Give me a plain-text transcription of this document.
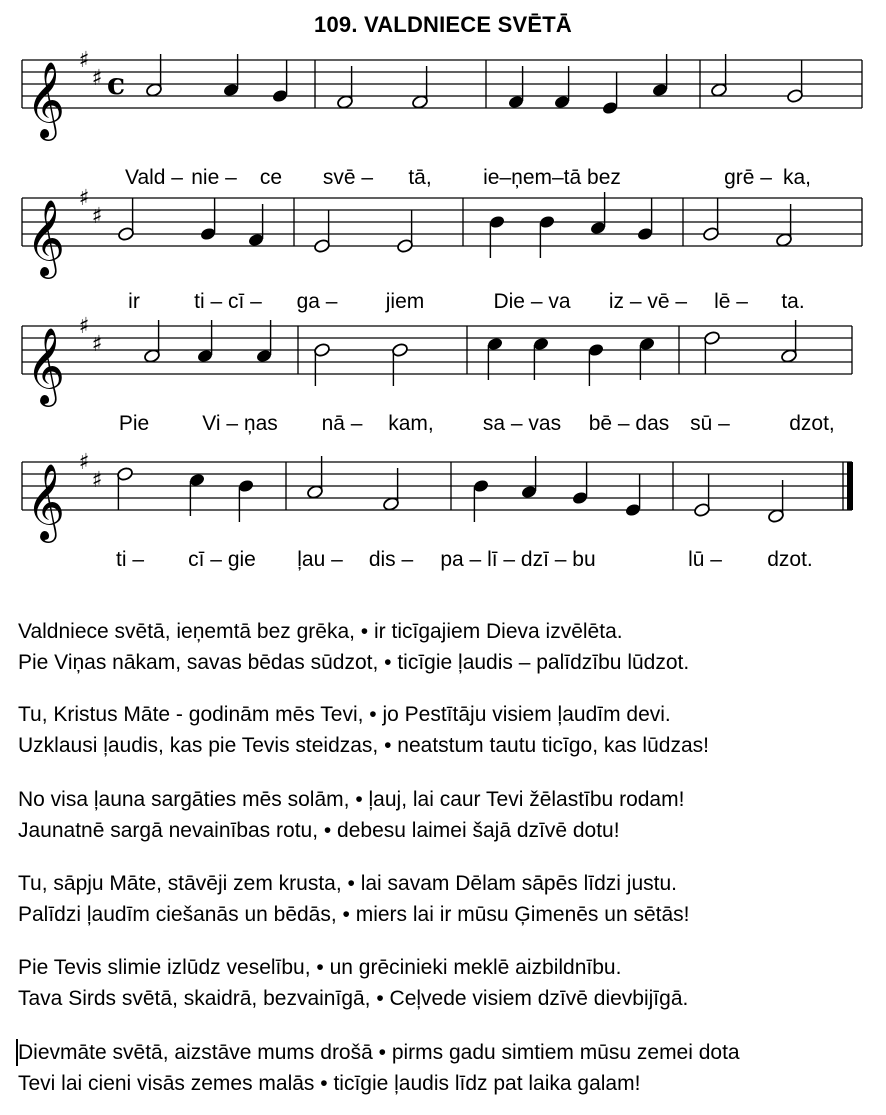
109. VALDNIECE SVĒTĀ
𝄞
♯
♯ c
Vald – nie – ce svē – tā, ie–ņem–tā bez	grē – ka,
𝄞
♯
♯
ir	ti – cī – ga – jiem	Die – va iz – vē – lē – ta.
𝄞
♯
♯
Pie	Vi – ņas nā – kam, sa – vas bē – das sū –	dzot,
𝄞
♯
♯
ti – cī – gie ļau – dis – pa – lī – dzī – bu	lū – dzot.
Valdniece svētā, ieņemtā bez grēka, • ir ticīgajiem Dieva izvēlēta.
Pie Viņas nākam, savas bēdas sūdzot, • ticīgie ļaudis – palīdzību lūdzot.
Tu, Kristus Māte - godinām mēs Tevi, • jo Pestītāju visiem ļaudīm devi.
Uzklausi ļaudis, kas pie Tevis steidzas, • neatstum tautu ticīgo, kas lūdzas!
No visa ļauna sargāties mēs solām, • ļauj, lai caur Tevi žēlastību rodam!
Jaunatnē sargā nevainības rotu, • debesu laimei šajā dzīvē dotu!
Tu, sāpju Māte, stāvēji zem krusta, • lai savam Dēlam sāpēs līdzi justu.
Palīdzi ļaudīm ciešanās un bēdās, • miers lai ir mūsu Ģimenēs un sētās!
Pie Tevis slimie izlūdz veselību, • un grēcinieki meklē aizbildnību.
Tava Sirds svētā, skaidrā, bezvainīgā, • Ceļvede visiem dzīvē dievbijīgā.
Dievmāte svētā, aizstāve mums drošā • pirms gadu simtiem mūsu zemei dota
Tevi lai cieni visās zemes malās • ticīgie ļaudis līdz pat laika galam!
